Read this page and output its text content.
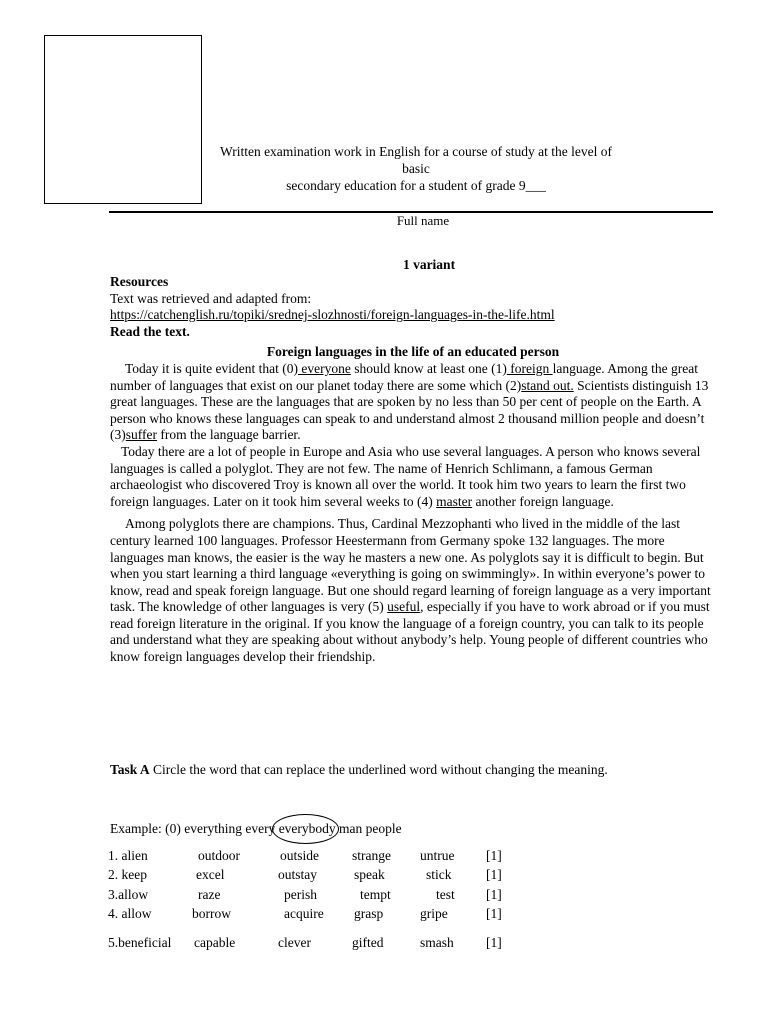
Written examination work in English for a course of study at the level of basic
secondary education for a student of grade 9___
Full name
1 variant

Resources

Text was retrieved and adapted from:

https://catchenglish.ru/topiki/srednej-slozhnosti/foreign-languages-in-the-life.html

Read the text.

Foreign languages in the life of an educated person

Today it is quite evident that (0) everyone should know at least one (1) foreign language. Among the great number of languages that exist on our planet today there are some which (2)stand out. Scientists distinguish 13 great languages. These are the languages that are spoken by no less than 50 per cent of people on the Earth. A person who knows these languages can speak to and understand almost 2 thousand million people and doesn’t (3)suffer from the language barrier.

Today there are a lot of people in Europe and Asia who use several languages. A person who knows several languages is called a polyglot. They are not few. The name of Henrich Schlimann, a famous German archaeologist who discovered Troy is known all over the world. It took him two years to learn the first two foreign languages. Later on it took him several weeks to (4) master another foreign language.

Among polyglots there are champions. Thus, Cardinal Mezzophanti who lived in the middle of the last century learned 100 languages. Professor Heestermann from Germany spoke 132 languages. The more languages man knows, the easier is the way he masters a new one. As polyglots say it is difficult to begin. But when you start learning a third language «everything is going on swimmingly». In within everyone’s power to know, read and speak foreign language. But one should regard learning of foreign language as a very important task. The knowledge of other languages is very (5) useful, especially if you have to work abroad or if you must read foreign literature in the original. If you know the language of a foreign country, you can talk to its people and understand what they are speaking about without anybody’s help. Young people of different countries who know foreign languages develop their friendship.

Task A Circle the word that can replace the underlined word without changing the meaning.
Example: (0) everything every everybody man people
1. alien	outdoor	outside	strange	untrue	[1]
2. keep	excel	outstay	speak	stick	[1]
3.allow	raze	perish	tempt	test	[1]
4. allow	borrow	acquire	grasp	gripe	[1]
5.beneficial	capable	clever	gifted	smash	[1]
